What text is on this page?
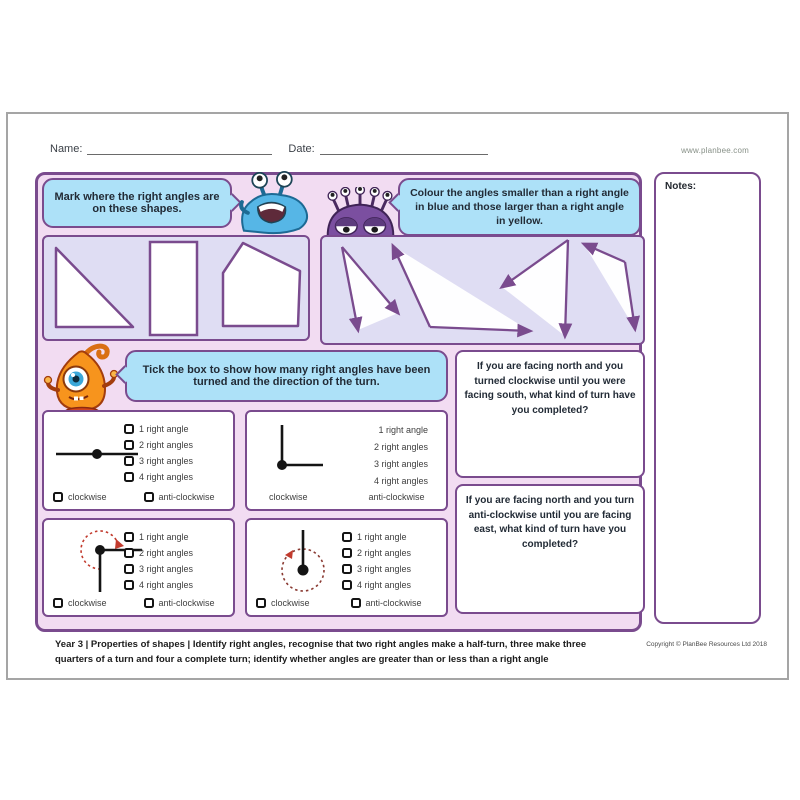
Name:	Date:	www.planbee.com
Mark where the right angles are on these shapes.
Colour the angles smaller than a right angle in blue and those larger than a right angle in yellow.
Tick the box to show how many right angles have been turned and the direction of the turn.
1 right angle
2 right angles
3 right angles
4 right angles
clockwise	anti-clockwise
1 right angle
2 right angles
3 right angles
4 right angles
clockwise	anti-clockwise
1 right angle
2 right angles
3 right angles
4 right angles
clockwise	anti-clockwise
1 right angle
2 right angles
3 right angles
4 right angles
clockwise	anti-clockwise
If you are facing north and you turned clockwise until you were facing south, what kind of turn have you completed?
If you are facing north and you turn anti-clockwise until you are facing east, what kind of turn have you completed?
Notes:
Year 3 | Properties of shapes | Identify right angles, recognise that two right angles make a half-turn, three make three quarters of a turn and four a complete turn; identify whether angles are greater than or less than a right angle
Copyright © PlanBee Resources Ltd 2018
